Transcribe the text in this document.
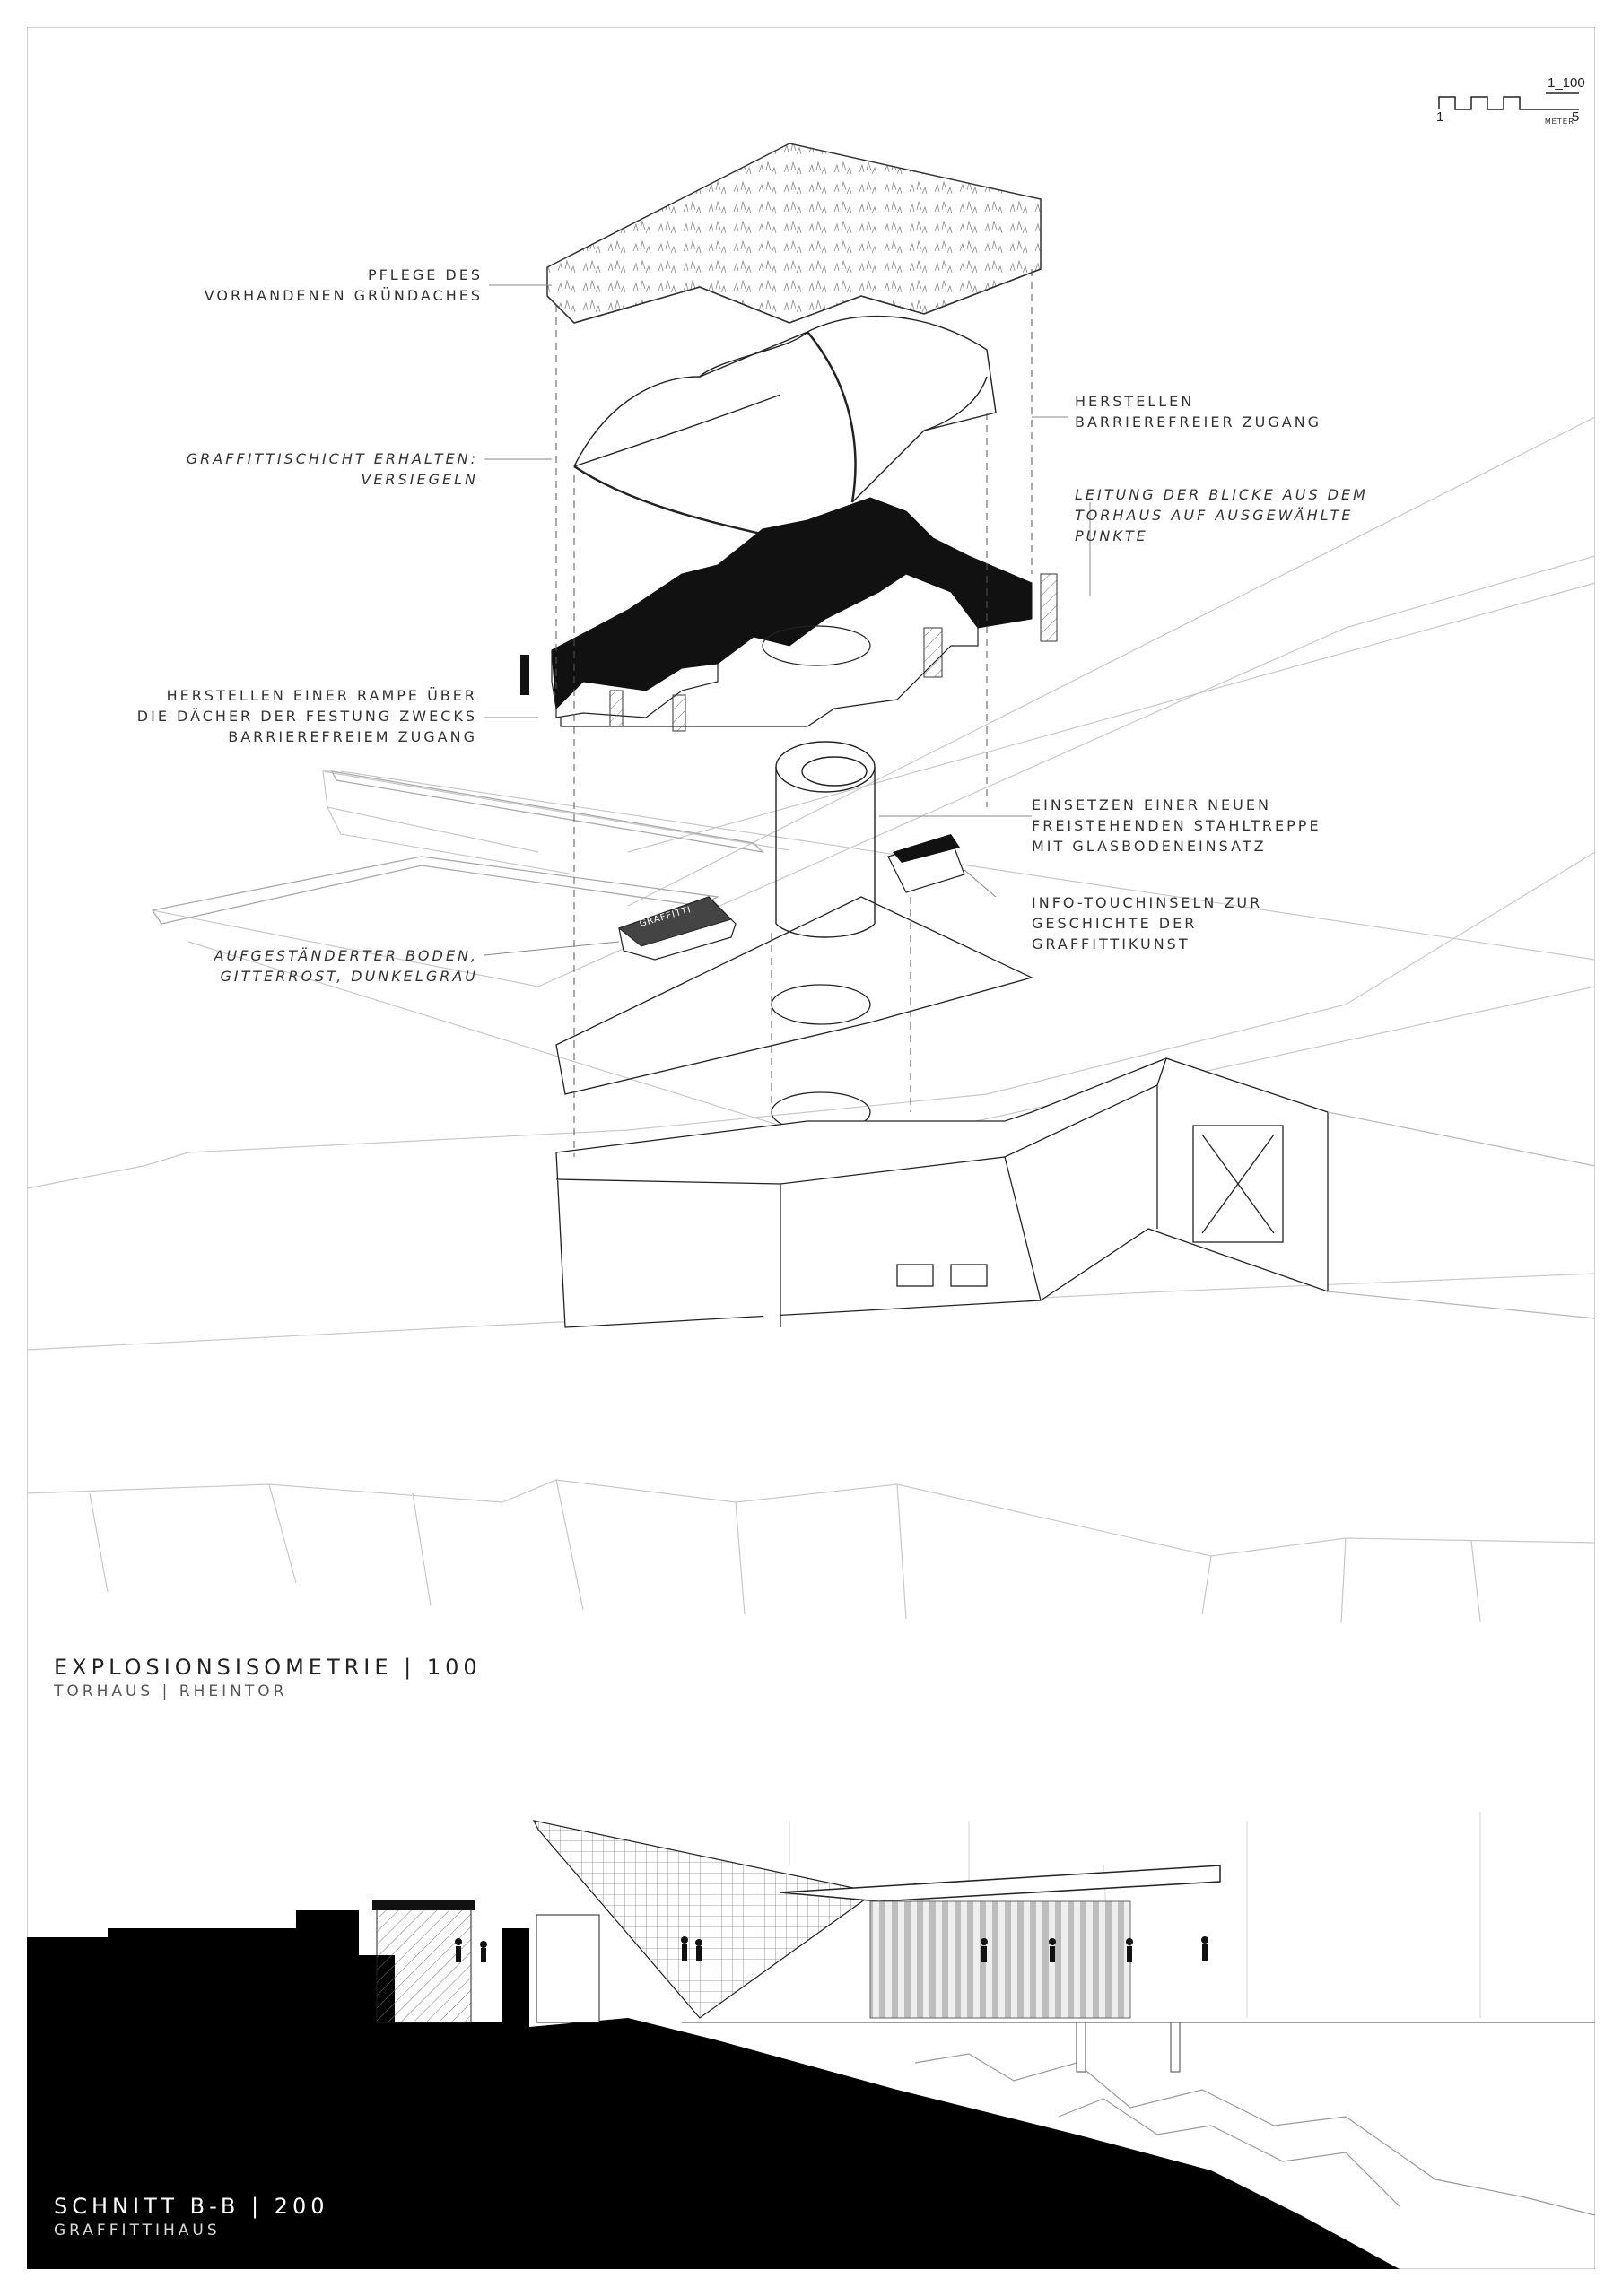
1_100
1	METER
5
PFLEGE DES
VORHANDENEN GRÜNDACHES
GRAFFITTISCHICHT ERHALTEN:
VERSIEGELN
HERSTELLEN EINER RAMPE ÜBER
DIE DÄCHER DER FESTUNG ZWECKS
BARRIEREFREIEM ZUGANG
AUFGESTÄNDERTER BODEN,
GITTERROST, DUNKELGRAU
HERSTELLEN
BARRIEREFREIER ZUGANG
LEITUNG DER BLICKE AUS DEM
TORHAUS AUF AUSGEWÄHLTE
PUNKTE
EINSETZEN EINER NEUEN
FREISTEHENDEN STAHLTREPPE
MIT GLASBODENEINSATZ
INFO-TOUCHINSELN ZUR
GESCHICHTE DER
GRAFFITTIKUNST
GRAFFITTI
EXPLOSIONSISOMETRIE | 100
TORHAUS | RHEINTOR
SCHNITT B-B | 200
GRAFFITTIHAUS
